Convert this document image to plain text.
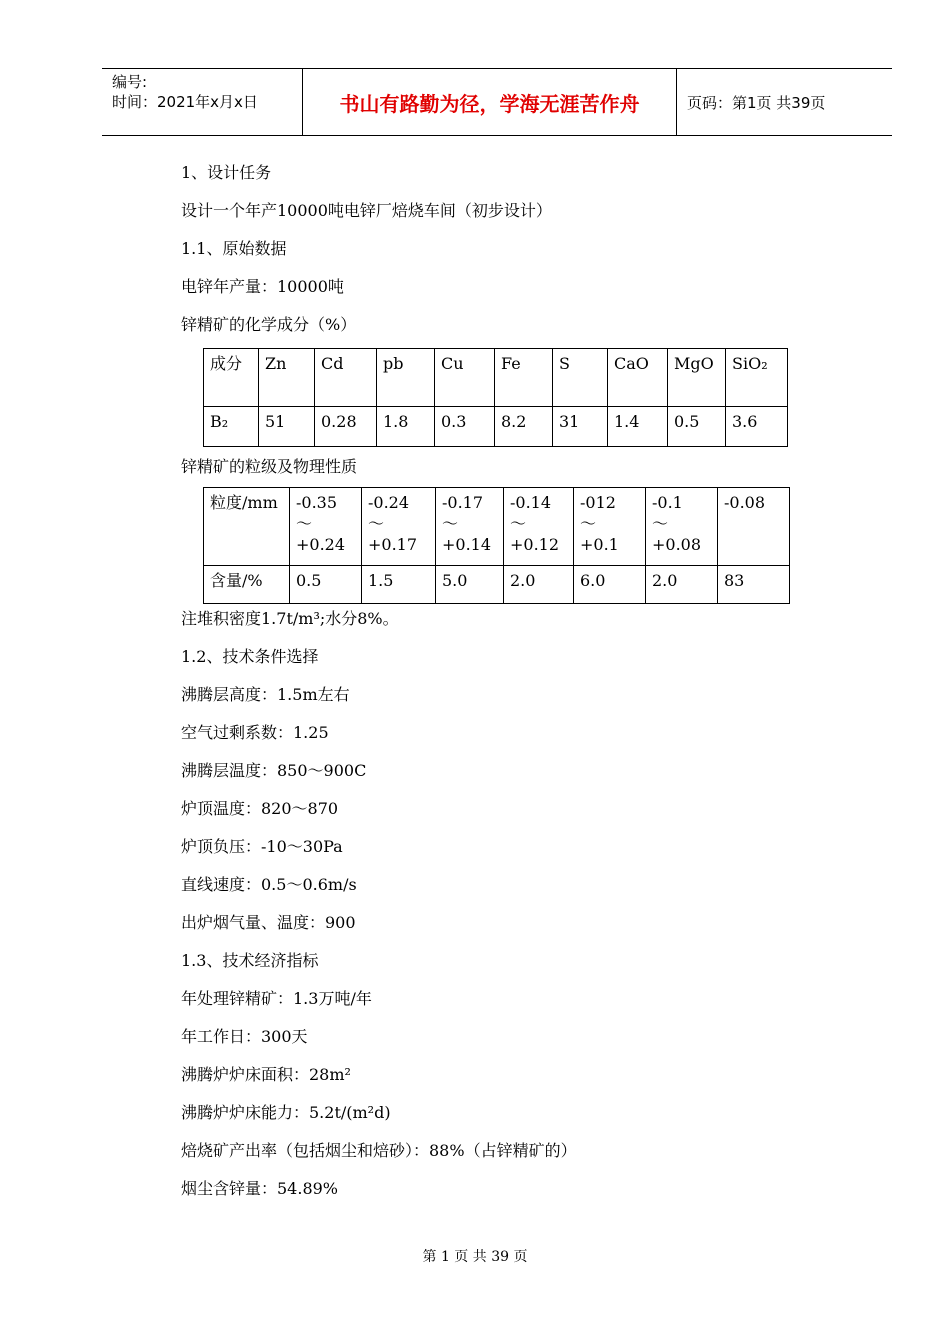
编号:
时间：2021年x月x日	书山有路勤为径，学海无涯苦作舟	页码：第1页 共39页
1、设计任务
设计一个年产10000吨电锌厂焙烧车间（初步设计）
1.1、原始数据
电锌年产量：10000吨
锌精矿的化学成分（%）
成分	Zn	Cd	pb	Cu	Fe	S	CaO	MgO	SiO₂
B₂	51	0.28	1.8	0.3	8.2	31	1.4	0.5	3.6
锌精矿的粒级及物理性质
粒度/mm	-0.35
～
+0.24	-0.24
～
+0.17	-0.17
～
+0.14	-0.14
～
+0.12	-012
～
+0.1	-0.1
～
+0.08	-0.08
含量/%	0.5	1.5	5.0	2.0	6.0	2.0	83
注堆积密度1.7t/m³;水分8%。
1.2、技术条件选择
沸腾层高度：1.5m左右
空气过剩系数：1.25
沸腾层温度：850～900C
炉顶温度：820～870
炉顶负压：-10～30Pa
直线速度：0.5～0.6m/s
出炉烟气量、温度：900
1.3、技术经济指标
年处理锌精矿：1.3万吨/年
年工作日：300天
沸腾炉炉床面积：28m²
沸腾炉炉床能力：5.2t/(m²d)
焙烧矿产出率（包括烟尘和焙砂）：88%（占锌精矿的）
烟尘含锌量：54.89%
第 1 页 共 39 页
